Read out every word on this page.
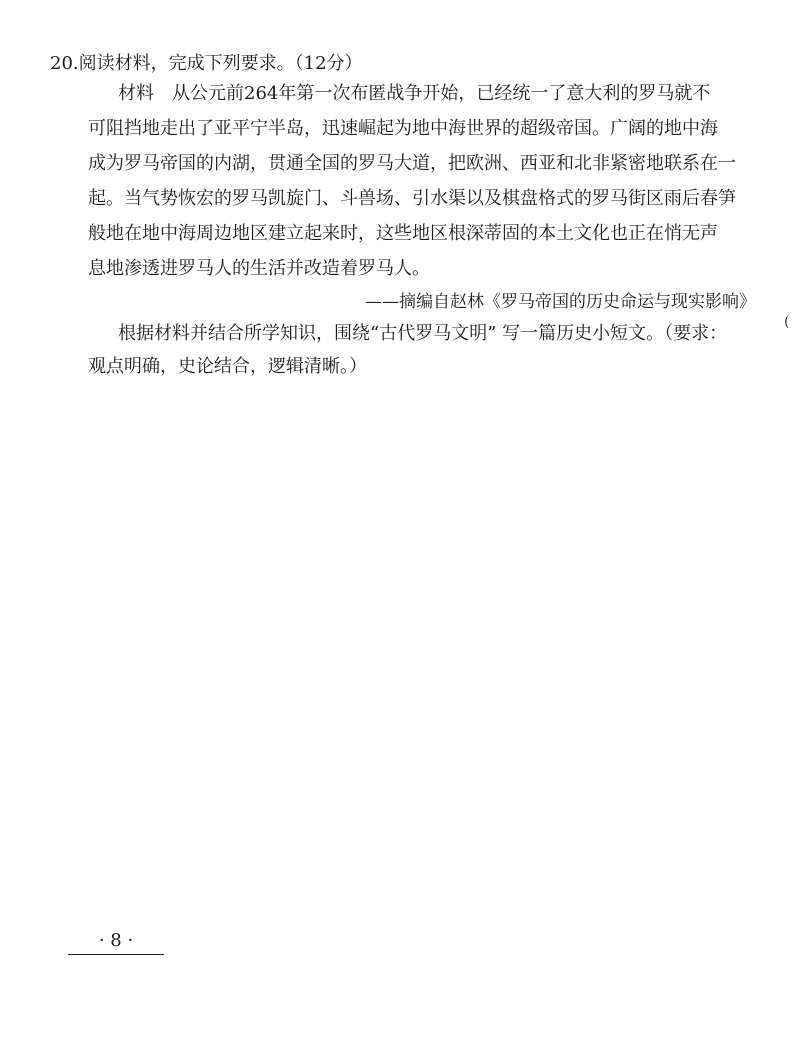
20.阅读材料，完成下列要求。（12分）
材料　从公元前264年第一次布匿战争开始，已经统一了意大利的罗马就不
可阻挡地走出了亚平宁半岛，迅速崛起为地中海世界的超级帝国。广阔的地中海
成为罗马帝国的内湖，贯通全国的罗马大道，把欧洲、西亚和北非紧密地联系在一
起。当气势恢宏的罗马凯旋门、斗兽场、引水渠以及棋盘格式的罗马街区雨后春笋
般地在地中海周边地区建立起来时，这些地区根深蒂固的本土文化也正在悄无声
——摘编自赵林《罗马帝国的历史命运与现实影响》
根据材料并结合所学知识，围绕“古代罗马文明” 写一篇历史小短文。（要求：
观点明确，史论结合，逻辑清晰。）
(
· 8 ·
息地渗透进罗马人的生活并改造着罗马人。
